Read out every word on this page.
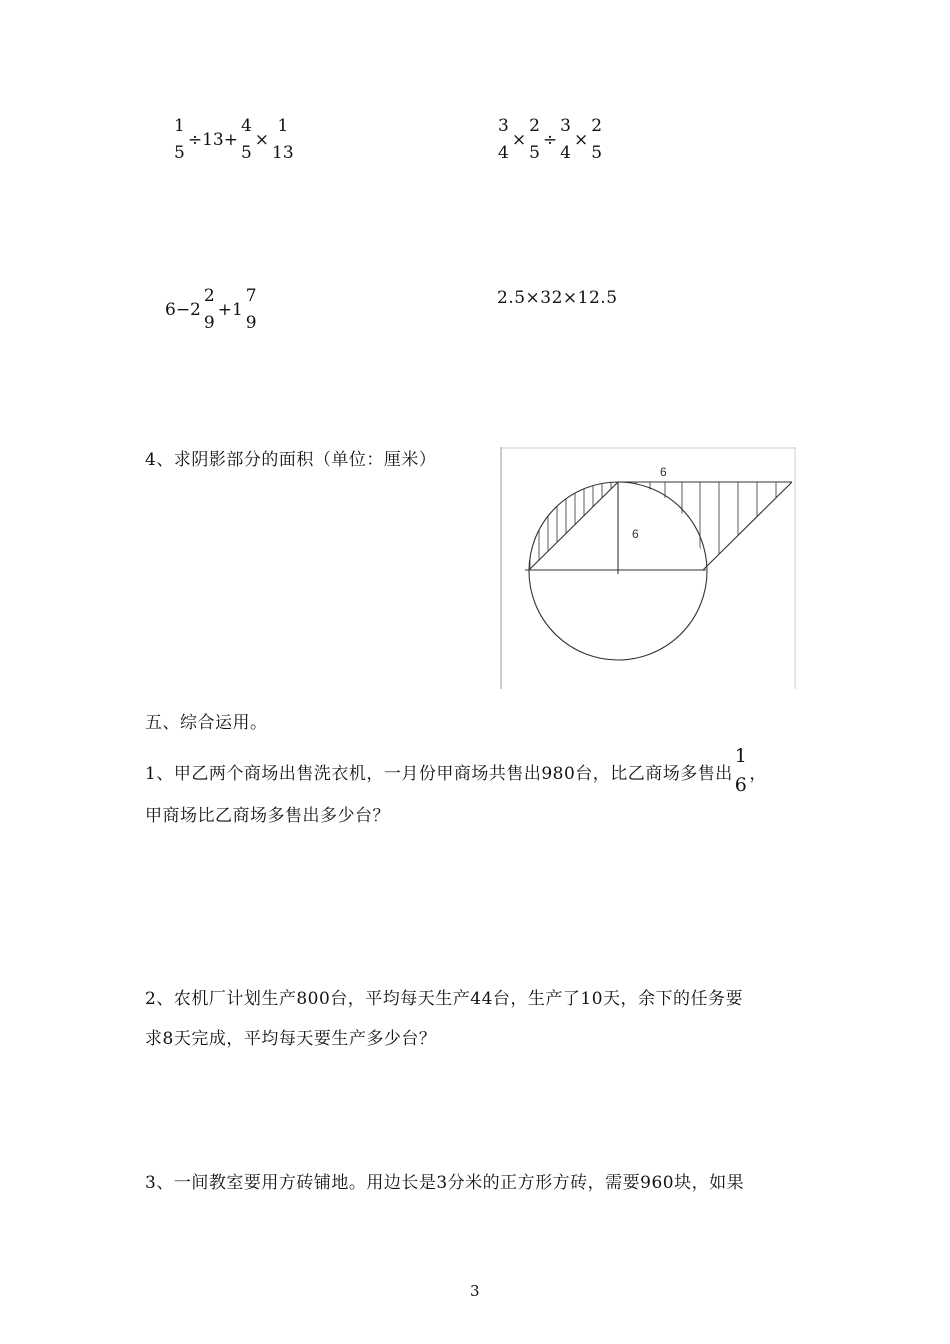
1
5
÷13+
4
5
×
1
13
3
4
×
2
5
÷
3
4
×
2
5
6−2
2
9
+1
7
9
2.5×32×12.5
4、求阴影部分的面积（单位：厘米）
6
6
五、综合运用。
1、甲乙两个商场出售洗衣机，一月份甲商场共售出980台，比乙商场多售出
1
6
，
甲商场比乙商场多售出多少台？
2、农机厂计划生产800台，平均每天生产44台，生产了10天，余下的任务要
求8天完成，平均每天要生产多少台？
3、一间教室要用方砖铺地。用边长是3分米的正方形方砖，需要960块，如果
3
